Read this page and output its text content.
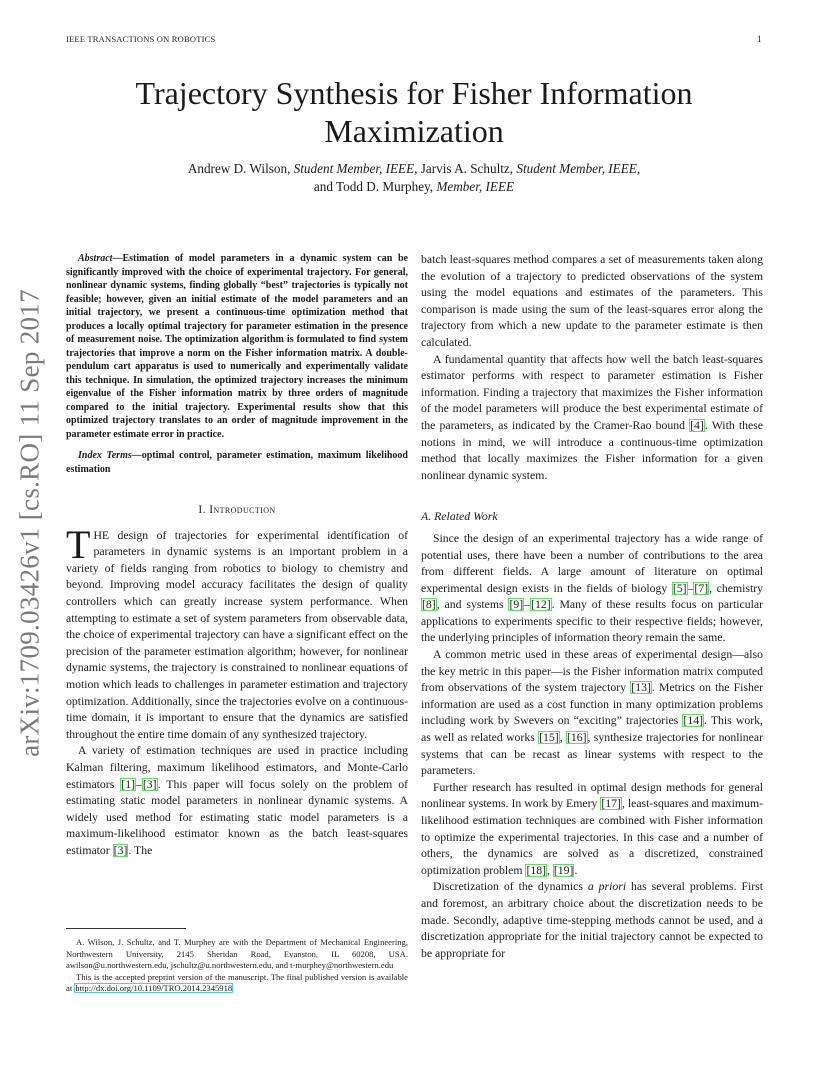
IEEE TRANSACTIONS ON ROBOTICS	1
Trajectory Synthesis for Fisher Information Maximization
Andrew D. Wilson, Student Member, IEEE, Jarvis A. Schultz, Student Member, IEEE,
and Todd D. Murphey, Member, IEEE
arXiv:1709.03426v1 [cs.RO] 11 Sep 2017

Abstract—Estimation of model parameters in a dynamic system can be significantly improved with the choice of experimental trajectory. For general, nonlinear dynamic systems, finding globally “best” trajectories is typically not feasible; however, given an initial estimate of the model parameters and an initial trajectory, we present a continuous-time optimization method that produces a locally optimal trajectory for parameter estimation in the presence of measurement noise. The optimization algorithm is formulated to find system trajectories that improve a norm on the Fisher information matrix. A double-pendulum cart apparatus is used to numerically and experimentally validate this technique. In simulation, the optimized trajectory increases the minimum eigenvalue of the Fisher information matrix by three orders of magnitude compared to the initial trajectory. Experimental results show that this optimized trajectory translates to an order of magnitude improvement in the parameter estimate error in practice.

Index Terms—optimal control, parameter estimation, maximum likelihood estimation

I. Introduction

THE design of trajectories for experimental identification of parameters in dynamic systems is an important problem in a variety of fields ranging from robotics to biology to chemistry and beyond. Improving model accuracy facilitates the design of quality controllers which can greatly increase system performance. When attempting to estimate a set of system parameters from observable data, the choice of experimental trajectory can have a significant effect on the precision of the parameter estimation algorithm; however, for nonlinear dynamic systems, the trajectory is constrained to nonlinear equations of motion which leads to challenges in parameter estimation and trajectory optimization. Additionally, since the trajectories evolve on a continuous-time domain, it is important to ensure that the dynamics are satisfied throughout the entire time domain of any synthesized trajectory.

A variety of estimation techniques are used in practice including Kalman filtering, maximum likelihood estimators, and Monte-Carlo estimators [1]–[3]. This paper will focus solely on the problem of estimating static model parameters in nonlinear dynamic systems. A widely used method for estimating static model parameters is a maximum-likelihood estimator known as the batch least-squares estimator [3]. The

batch least-squares method compares a set of measurements taken along the evolution of a trajectory to predicted observations of the system using the model equations and estimates of the parameters. This comparison is made using the sum of the least-squares error along the trajectory from which a new update to the parameter estimate is then calculated.

A fundamental quantity that affects how well the batch least-squares estimator performs with respect to parameter estimation is Fisher information. Finding a trajectory that maximizes the Fisher information of the model parameters will produce the best experimental estimate of the parameters, as indicated by the Cramer-Rao bound [4]. With these notions in mind, we will introduce a continuous-time optimization method that locally maximizes the Fisher information for a given nonlinear dynamic system.

A. Related Work

Since the design of an experimental trajectory has a wide range of potential uses, there have been a number of contributions to the area from different fields. A large amount of literature on optimal experimental design exists in the fields of biology [5]–[7], chemistry [8], and systems [9]–[12]. Many of these results focus on particular applications to experiments specific to their respective fields; however, the underlying principles of information theory remain the same.

A common metric used in these areas of experimental design—also the key metric in this paper—is the Fisher information matrix computed from observations of the system trajectory [13]. Metrics on the Fisher information are used as a cost function in many optimization problems including work by Swevers on “exciting” trajectories [14]. This work, as well as related works [15], [16], synthesize trajectories for nonlinear systems that can be recast as linear systems with respect to the parameters.

Further research has resulted in optimal design methods for general nonlinear systems. In work by Emery [17], least-squares and maximum-likelihood estimation techniques are combined with Fisher information to optimize the experimental trajectories. In this case and a number of others, the dynamics are solved as a discretized, constrained optimization problem [18], [19].

Discretization of the dynamics a priori has several problems. First and foremost, an arbitrary choice about the discretization needs to be made. Secondly, adaptive time-stepping methods cannot be used, and a discretization appropriate for the initial trajectory cannot be expected to be appropriate for

A. Wilson, J. Schultz, and T. Murphey are with the Department of Mechanical Engineering, Northwestern University, 2145 Sheridan Road, Evanston, IL 60208, USA. awilson@u.northwestern.edu, jschultz@u.northwestern.edu, and t-murphey@northwestern.edu

This is the accepted preprint version of the manuscript. The final published version is available at http://dx.doi.org/10.1109/TRO.2014.2345918
